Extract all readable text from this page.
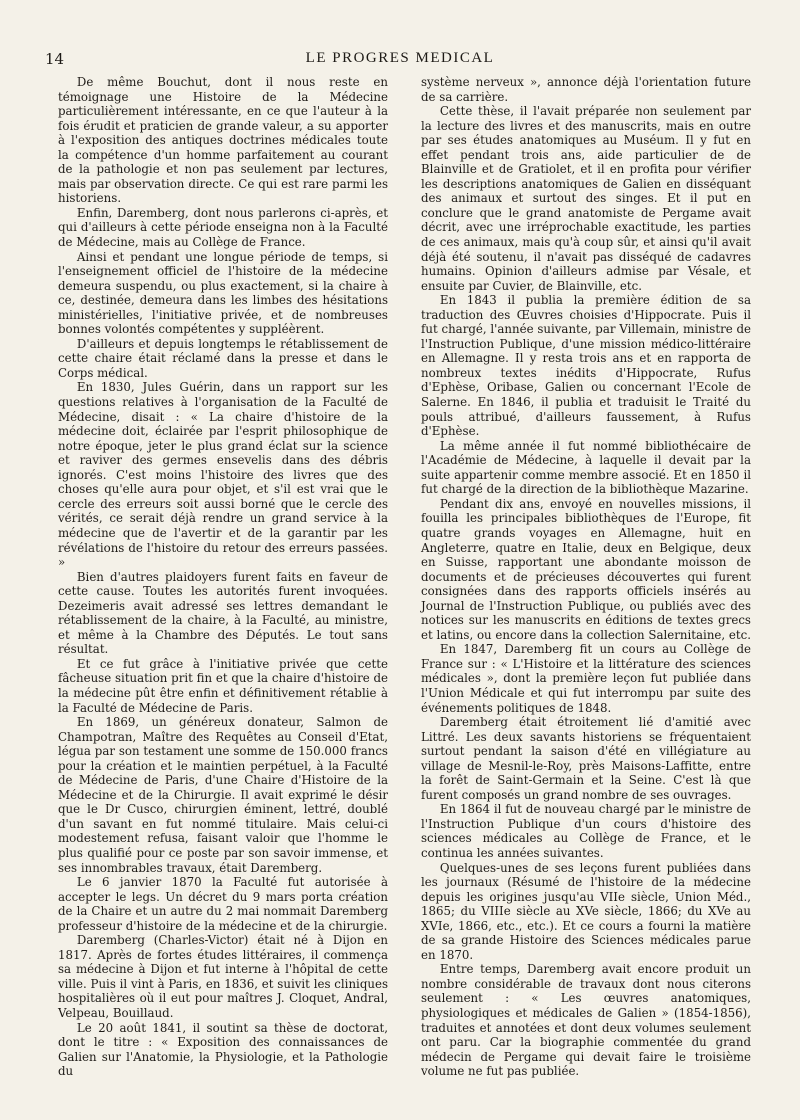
14	LE PROGRES MEDICAL

De même Bouchut, dont il nous reste en témoignage une Histoire de la Médecine particulièrement intéressante, en ce que l'auteur à la fois érudit et praticien de grande valeur, a su apporter à l'exposition des antiques doctrines médicales toute la compétence d'un homme parfaitement au courant de la pathologie et non pas seulement par lectures, mais par observation directe. Ce qui est rare parmi les historiens.

Enfin, Daremberg, dont nous parlerons ci-après, et qui d'ailleurs à cette période enseigna non à la Faculté de Médecine, mais au Collège de France.

Ainsi et pendant une longue période de temps, si l'enseignement officiel de l'histoire de la médecine demeura suspendu, ou plus exactement, si la chaire à ce, destinée, demeura dans les limbes des hésitations ministérielles, l'initiative privée, et de nombreuses bonnes volontés compétentes y suppléèrent.

D'ailleurs et depuis longtemps le rétablissement de cette chaire était réclamé dans la presse et dans le Corps médical.

En 1830, Jules Guérin, dans un rapport sur les questions relatives à l'organisation de la Faculté de Médecine, disait : « La chaire d'histoire de la médecine doit, éclairée par l'esprit philosophique de notre époque, jeter le plus grand éclat sur la science et raviver des germes ensevelis dans des débris ignorés. C'est moins l'histoire des livres que des choses qu'elle aura pour objet, et s'il est vrai que le cercle des erreurs soit aussi borné que le cercle des vérités, ce serait déjà rendre un grand service à la médecine que de l'avertir et de la garantir par les révélations de l'histoire du retour des erreurs passées. »

Bien d'autres plaidoyers furent faits en faveur de cette cause. Toutes les autorités furent invoquées. Dezeimeris avait adressé ses lettres demandant le rétablissement de la chaire, à la Faculté, au ministre, et même à la Chambre des Députés. Le tout sans résultat.

Et ce fut grâce à l'initiative privée que cette fâcheuse situation prit fin et que la chaire d'histoire de la médecine pût être enfin et définitivement rétablie à la Faculté de Médecine de Paris.

En 1869, un généreux donateur, Salmon de Champotran, Maître des Requêtes au Conseil d'Etat, légua par son testament une somme de 150.000 francs pour la création et le maintien perpétuel, à la Faculté de Médecine de Paris, d'une Chaire d'Histoire de la Médecine et de la Chirurgie. Il avait exprimé le désir que le Dr Cusco, chirurgien éminent, lettré, doublé d'un savant en fut nommé titulaire. Mais celui-ci modestement refusa, faisant valoir que l'homme le plus qualifié pour ce poste par son savoir immense, et ses innombrables travaux, était Daremberg.

Le 6 janvier 1870 la Faculté fut autorisée à accepter le legs. Un décret du 9 mars porta création de la Chaire et un autre du 2 mai nommait Daremberg professeur d'histoire de la médecine et de la chirurgie.

Daremberg (Charles-Victor) était né à Dijon en 1817. Après de fortes études littéraires, il commença sa médecine à Dijon et fut interne à l'hôpital de cette ville. Puis il vint à Paris, en 1836, et suivit les cliniques hospitalières où il eut pour maîtres J. Cloquet, Andral, Velpeau, Bouillaud.

Le 20 août 1841, il soutint sa thèse de doctorat, dont le titre : « Exposition des connaissances de Galien sur l'Anatomie, la Physiologie, et la Pathologie du

système nerveux », annonce déjà l'orientation future de sa carrière.

Cette thèse, il l'avait préparée non seulement par la lecture des livres et des manuscrits, mais en outre par ses études anatomiques au Muséum. Il y fut en effet pendant trois ans, aide particulier de de Blainville et de Gratiolet, et il en profita pour vérifier les descriptions anatomiques de Galien en disséquant des animaux et surtout des singes. Et il put en conclure que le grand anatomiste de Pergame avait décrit, avec une irréprochable exactitude, les parties de ces animaux, mais qu'à coup sûr, et ainsi qu'il avait déjà été soutenu, il n'avait pas disséqué de cadavres humains. Opinion d'ailleurs admise par Vésale, et ensuite par Cuvier, de Blainville, etc.

En 1843 il publia la première édition de sa traduction des Œuvres choisies d'Hippocrate. Puis il fut chargé, l'année suivante, par Villemain, ministre de l'Instruction Publique, d'une mission médico-littéraire en Allemagne. Il y resta trois ans et en rapporta de nombreux textes inédits d'Hippocrate, Rufus d'Ephèse, Oribase, Galien ou concernant l'Ecole de Salerne. En 1846, il publia et traduisit le Traité du pouls attribué, d'ailleurs faussement, à Rufus d'Ephèse.

La même année il fut nommé bibliothécaire de l'Académie de Médecine, à laquelle il devait par la suite appartenir comme membre associé. Et en 1850 il fut chargé de la direction de la bibliothèque Mazarine.

Pendant dix ans, envoyé en nouvelles missions, il fouilla les principales bibliothèques de l'Europe, fit quatre grands voyages en Allemagne, huit en Angleterre, quatre en Italie, deux en Belgique, deux en Suisse, rapportant une abondante moisson de documents et de précieuses découvertes qui furent consignées dans des rapports officiels insérés au Journal de l'Instruction Publique, ou publiés avec des notices sur les manuscrits en éditions de textes grecs et latins, ou encore dans la collection Salernitaine, etc.

En 1847, Daremberg fit un cours au Collège de France sur : « L'Histoire et la littérature des sciences médicales », dont la première leçon fut publiée dans l'Union Médicale et qui fut interrompu par suite des événements politiques de 1848.

Daremberg était étroitement lié d'amitié avec Littré. Les deux savants historiens se fréquentaient surtout pendant la saison d'été en villégiature au village de Mesnil-le-Roy, près Maisons-Laffitte, entre la forêt de Saint-Germain et la Seine. C'est là que furent composés un grand nombre de ses ouvrages.

En 1864 il fut de nouveau chargé par le ministre de l'Instruction Publique d'un cours d'histoire des sciences médicales au Collège de France, et le continua les années suivantes.

Quelques-unes de ses leçons furent publiées dans les journaux (Résumé de l'histoire de la médecine depuis les origines jusqu'au VIIe siècle, Union Méd., 1865; du VIIIe siècle au XVe siècle, 1866; du XVe au XVIe, 1866, etc., etc.). Et ce cours a fourni la matière de sa grande Histoire des Sciences médicales parue en 1870.

Entre temps, Daremberg avait encore produit un nombre considérable de travaux dont nous citerons seulement : « Les œuvres anatomiques, physiologiques et médicales de Galien » (1854-1856), traduites et annotées et dont deux volumes seulement ont paru. Car la biographie commentée du grand médecin de Pergame qui devait faire le troisième volume ne fut pas publiée.
